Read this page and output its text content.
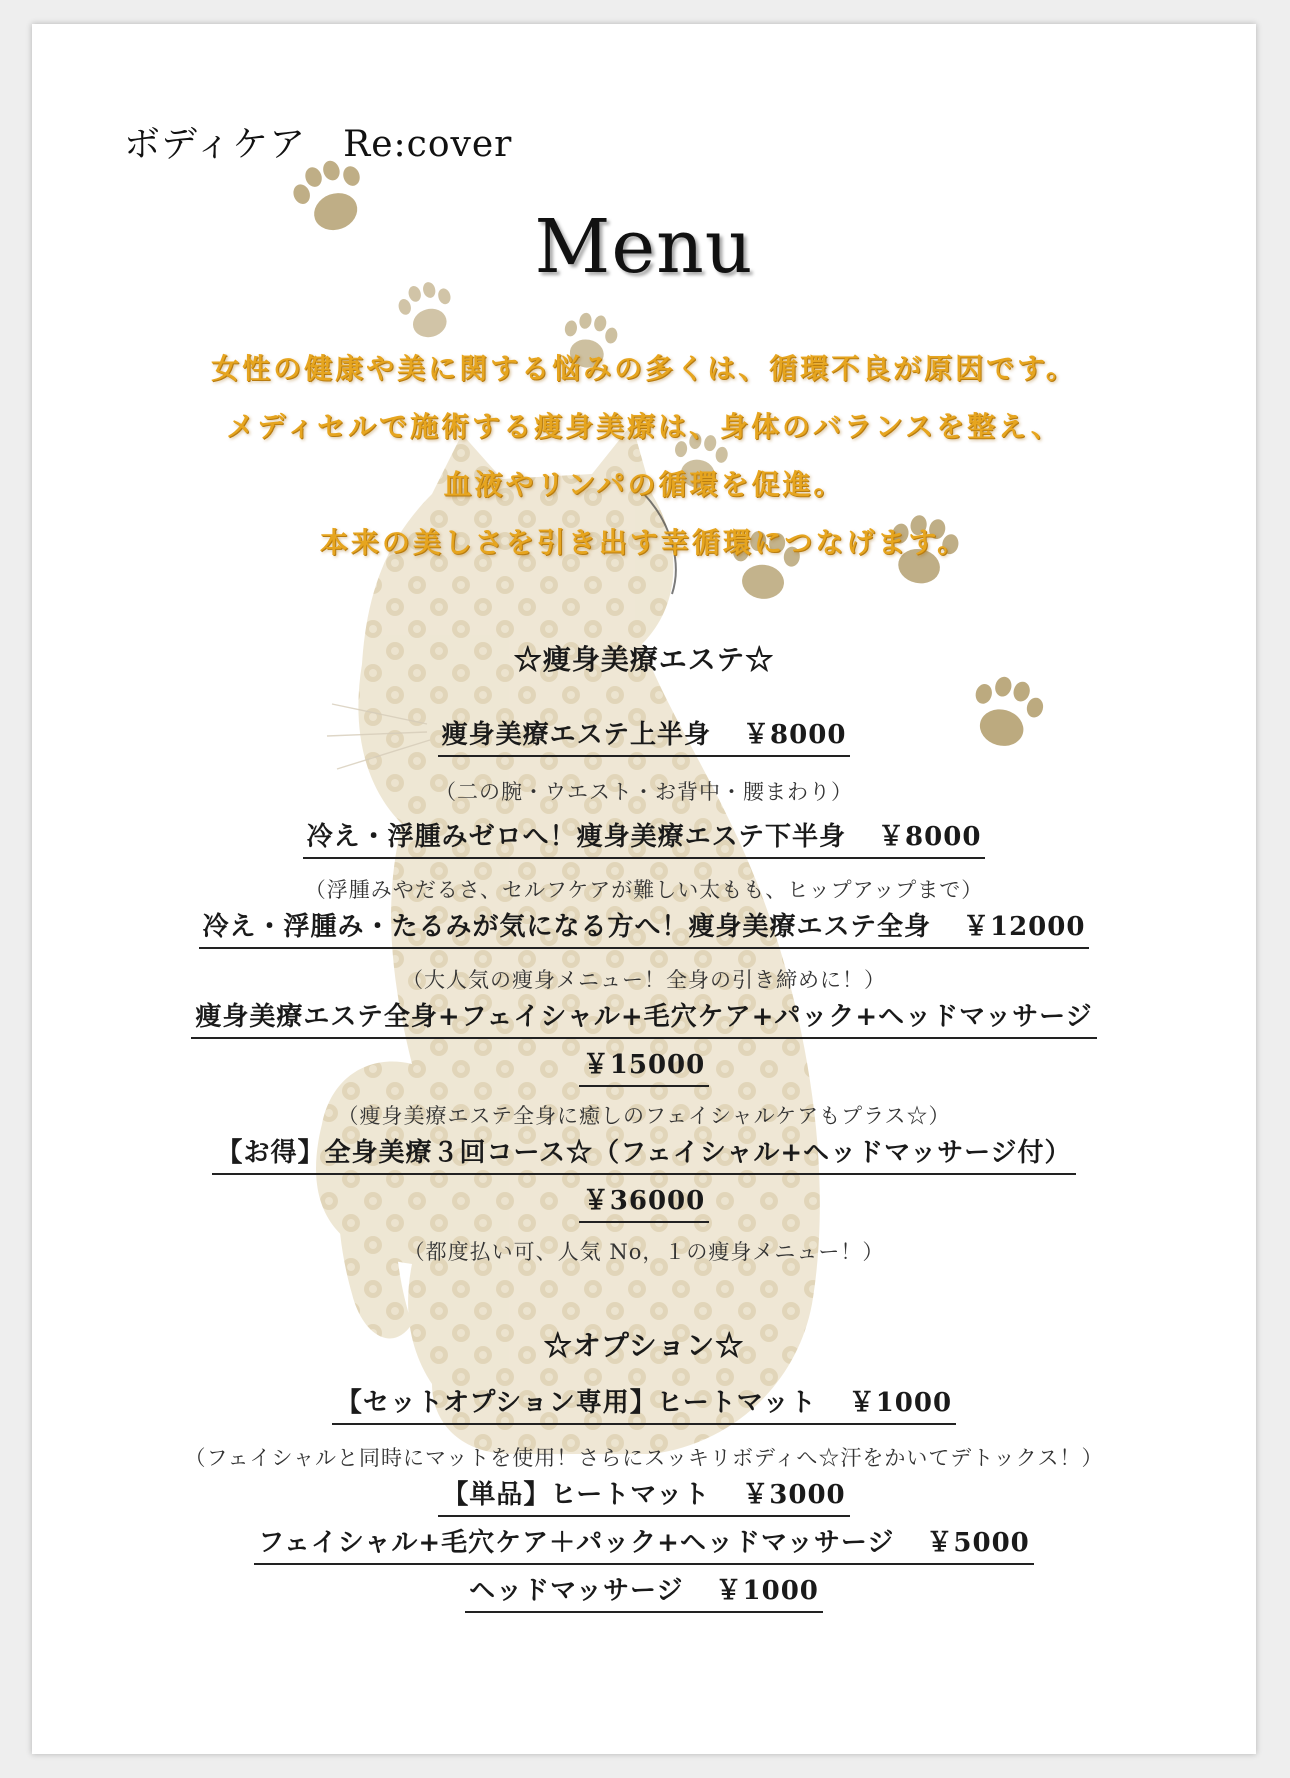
ボディケア　Re:cover
Menu
女性の健康や美に関する悩みの多くは、循環不良が原因です。
メディセルで施術する痩身美療は、身体のバランスを整え、
血液やリンパの循環を促進。
本来の美しさを引き出す幸循環につなげます。
☆痩身美療エステ☆
痩身美療エステ上半身 ￥8000
（二の腕・ウエスト・お背中・腰まわり）
冷え・浮腫みゼロへ！痩身美療エステ下半身 ￥8000
（浮腫みやだるさ、セルフケアが難しい太もも、ヒップアップまで）
冷え・浮腫み・たるみが気になる方へ！痩身美療エステ全身 ￥12000
（大人気の痩身メニュー！全身の引き締めに！）
痩身美療エステ全身+フェイシャル+毛穴ケア+パック+ヘッドマッサージ
￥15000
（痩身美療エステ全身に癒しのフェイシャルケアもプラス☆）
【お得】全身美療３回コース☆（フェイシャル+ヘッドマッサージ付）
￥36000
（都度払い可、人気 No，１の痩身メニュー！）
☆オプション☆
【セットオプション専用】ヒートマット ￥1000
（フェイシャルと同時にマットを使用！さらにスッキリボディへ☆汗をかいてデトックス！）
【単品】ヒートマット ￥3000
フェイシャル+毛穴ケア＋パック+ヘッドマッサージ ￥5000
ヘッドマッサージ ￥1000
